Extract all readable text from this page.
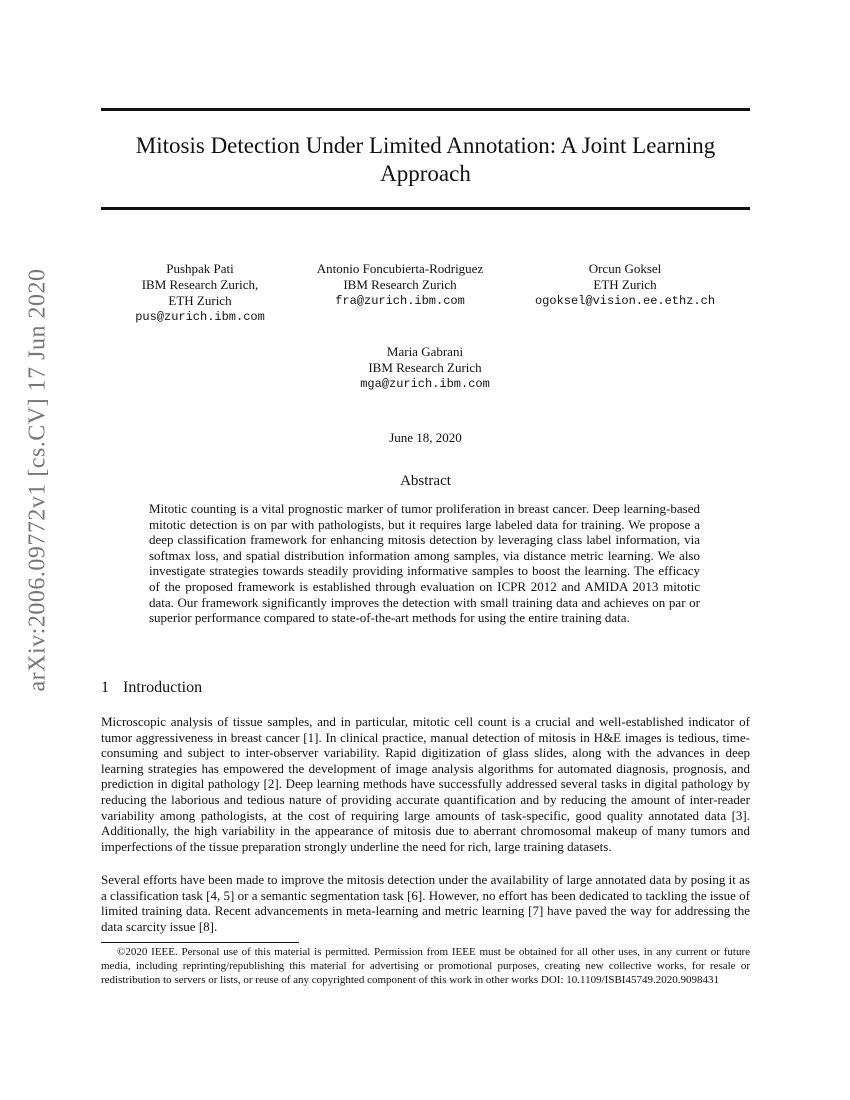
arXiv:2006.09772v1 [cs.CV] 17 Jun 2020
Mitosis Detection Under Limited Annotation: A Joint Learning Approach
Pushpak Pati
IBM Research Zurich,
ETH Zurich
pus@zurich.ibm.com
Antonio Foncubierta-Rodriguez
IBM Research Zurich
fra@zurich.ibm.com
Orcun Goksel
ETH Zurich
ogoksel@vision.ee.ethz.ch
Maria Gabrani
IBM Research Zurich
mga@zurich.ibm.com
June 18, 2020
Abstract
Mitotic counting is a vital prognostic marker of tumor proliferation in breast cancer. Deep learning-based mitotic detection is on par with pathologists, but it requires large labeled data for training. We propose a deep classification framework for enhancing mitosis detection by leveraging class label information, via softmax loss, and spatial distribution information among samples, via distance metric learning. We also investigate strategies towards steadily providing informative samples to boost the learning. The efficacy of the proposed framework is established through evaluation on ICPR 2012 and AMIDA 2013 mitotic data. Our framework significantly improves the detection with small training data and achieves on par or superior performance compared to state-of-the-art methods for using the entire training data.
1 Introduction

Microscopic analysis of tissue samples, and in particular, mitotic cell count is a crucial and well-established indicator of tumor aggressiveness in breast cancer [1]. In clinical practice, manual detection of mitosis in H&E images is tedious, time-consuming and subject to inter-observer variability. Rapid digitization of glass slides, along with the advances in deep learning strategies has empowered the development of image analysis algorithms for automated diagnosis, prognosis, and prediction in digital pathology [2]. Deep learning methods have successfully addressed several tasks in digital pathology by reducing the laborious and tedious nature of providing accurate quantification and by reducing the amount of inter-reader variability among pathologists, at the cost of requiring large amounts of task-specific, good quality annotated data [3]. Additionally, the high variability in the appearance of mitosis due to aberrant chromosomal makeup of many tumors and imperfections of the tissue preparation strongly underline the need for rich, large training datasets.

Several efforts have been made to improve the mitosis detection under the availability of large annotated data by posing it as a classification task [4, 5] or a semantic segmentation task [6]. However, no effort has been dedicated to tackling the issue of limited training data. Recent advancements in meta-learning and metric learning [7] have paved the way for addressing the data scarcity issue [8].

©2020 IEEE. Personal use of this material is permitted. Permission from IEEE must be obtained for all other uses, in any current or future media, including reprinting/republishing this material for advertising or promotional purposes, creating new collective works, for resale or redistribution to servers or lists, or reuse of any copyrighted component of this work in other works DOI: 10.1109/ISBI45749.2020.9098431
